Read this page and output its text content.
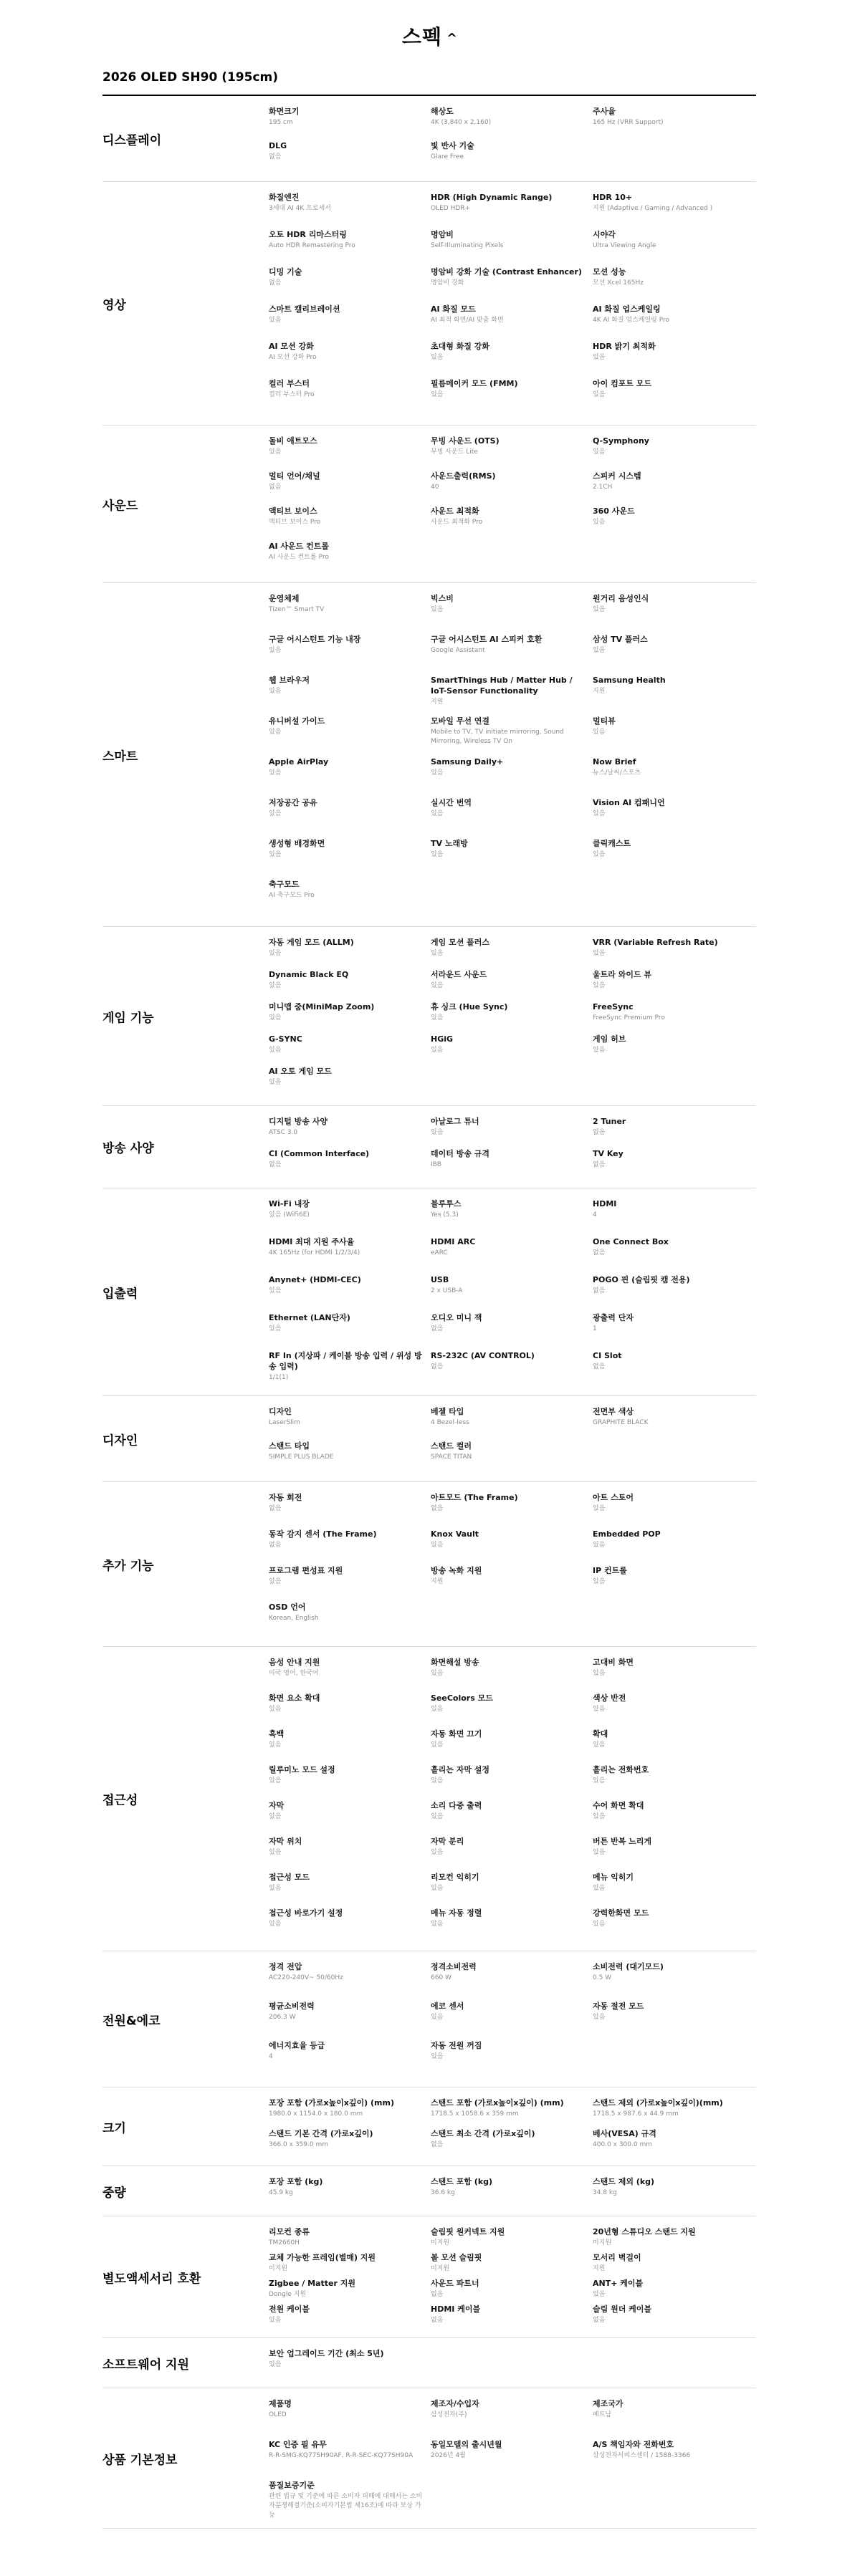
스펙 ^
2026 OLED SH90 (195cm)
디스플레이
화면크기
195 cm
해상도
4K (3,840 x 2,160)
주사율
165 Hz (VRR Support)
DLG
없음
빛 반사 기술
Glare Free
영상
화질엔진
3세대 AI 4K 프로세서
HDR (High Dynamic Range)
OLED HDR+
HDR 10+
지원 (Adaptive / Gaming / Advanced )
오토 HDR 리마스터링
Auto HDR Remastering Pro
명암비
Self-Illuminating Pixels
시야각
Ultra Viewing Angle
디밍 기술
없음
명암비 강화 기술 (Contrast Enhancer)
명암비 강화
모션 성능
모션 Xcel 165Hz
스마트 캘리브레이션
있음
AI 화질 모드
AI 최적 화면/AI 맞춤 화면
AI 화질 업스케일링
4K AI 화질 업스케일링 Pro
AI 모션 강화
AI 모션 강화 Pro
초대형 화질 강화
있음
HDR 밝기 최적화
있음
컬러 부스터
컬러 부스터 Pro
필름메이커 모드 (FMM)
있음
아이 컴포트 모드
있음
사운드
돌비 애트모스
있음
무빙 사운드 (OTS)
무빙 사운드 Lite
Q-Symphony
있음
멀티 언어/채널
없음
사운드출력(RMS)
40
스피커 시스템
2.1CH
액티브 보이스
액티브 보이스 Pro
사운드 최적화
사운드 최적화 Pro
360 사운드
있음
AI 사운드 컨트롤
AI 사운드 컨트롤 Pro
스마트
운영체제
Tizen™ Smart TV
빅스비
있음
원거리 음성인식
있음
구글 어시스턴트 기능 내장
있음
구글 어시스턴트 AI 스피커 호환
Google Assistant
삼성 TV 플러스
있음
웹 브라우저
있음
SmartThings Hub / Matter Hub / IoT-Sensor Functionality
지원
Samsung Health
지원
유니버설 가이드
있음
모바일 무선 연결
Mobile to TV, TV initiate mirroring, Sound Mirroring, Wireless TV On
멀티뷰
있음
Apple AirPlay
있음
Samsung Daily+
있음
Now Brief
뉴스/날씨/스포츠
저장공간 공유
있음
실시간 번역
있음
Vision AI 컴패니언
있음
생성형 배경화면
있음
TV 노래방
있음
클릭캐스트
있음
축구모드
AI 축구모드 Pro
게임 기능
자동 게임 모드 (ALLM)
있음
게임 모션 플러스
있음
VRR (Variable Refresh Rate)
있음
Dynamic Black EQ
있음
서라운드 사운드
있음
울트라 와이드 뷰
있음
미니맵 줌(MiniMap Zoom)
있음
휴 싱크 (Hue Sync)
있음
FreeSync
FreeSync Premium Pro
G-SYNC
있음
HGiG
있음
게임 허브
있음
AI 오토 게임 모드
있음
방송 사양
디지털 방송 사양
ATSC 3.0
아날로그 튜너
있음
2 Tuner
없음
CI (Common Interface)
없음
데이터 방송 규격
IBB
TV Key
없음
입출력
Wi-Fi 내장
있음 (WiFi6E)
블루투스
Yes (5.3)
HDMI
4
HDMI 최대 지원 주사율
4K 165Hz (for HDMI 1/2/3/4)
HDMI ARC
eARC
One Connect Box
없음
Anynet+ (HDMI-CEC)
있음
USB
2 x USB-A
POGO 핀 (슬림핏 캠 전용)
없음
Ethernet (LAN단자)
있음
오디오 미니 잭
없음
광출력 단자
1
RF In (지상파 / 케이블 방송 입력 / 위성 방송 입력)
1/1(1)
RS-232C (AV CONTROL)
없음
CI Slot
없음
디자인
디자인
LaserSlim
베젤 타입
4 Bezel-less
전면부 색상
GRAPHITE BLACK
스탠드 타입
SIMPLE PLUS BLADE
스탠드 컬러
SPACE TITAN
추가 기능
자동 회전
없음
아트모드 (The Frame)
없음
아트 스토어
있음
동작 감지 센서 (The Frame)
없음
Knox Vault
있음
Embedded POP
있음
프로그램 편성표 지원
있음
방송 녹화 지원
지원
IP 컨트롤
있음
OSD 언어
Korean, English
접근성
음성 안내 지원
미국 영어, 한국어
화면해설 방송
있음
고대비 화면
있음
화면 요소 확대
있음
SeeColors 모드
있음
색상 반전
있음
흑백
있음
자동 화면 끄기
있음
확대
있음
릴루미노 모드 설정
있음
흘리는 자막 설정
있음
흘리는 전화번호
있음
자막
있음
소리 다중 출력
있음
수어 화면 확대
있음
자막 위치
있음
자막 분리
있음
버튼 반복 느리게
있음
접근성 모드
있음
리모컨 익히기
있음
메뉴 익히기
있음
접근성 바로가기 설정
있음
메뉴 자동 정렬
있음
강력한화면 모드
있음
전원&에코
정격 전압
AC220-240V~ 50/60Hz
정격소비전력
660 W
소비전력 (대기모드)
0.5 W
평균소비전력
206.3 W
에코 센서
있음
자동 절전 모드
있음
에너지효율 등급
4
자동 전원 꺼짐
있음
크기
포장 포함 (가로x높이x깊이) (mm)
1980.0 x 1154.0 x 180.0 mm
스탠드 포함 (가로x높이x깊이) (mm)
1718.5 x 1058.6 x 359 mm
스탠드 제외 (가로x높이x깊이)(mm)
1718.5 x 987.6 x 44.9 mm
스탠드 기본 간격 (가로x깊이)
366.0 x 359.0 mm
스탠드 최소 간격 (가로x깊이)
없음
베사(VESA) 규격
400.0 x 300.0 mm
중량
포장 포함 (kg)
45.9 kg
스탠드 포함 (kg)
36.6 kg
스탠드 제외 (kg)
34.8 kg
별도액세서리 호환
리모컨 종류
TM2660H
슬림핏 원커넥트 지원
미지원
20년형 스튜디오 스탠드 지원
미지원
교체 가능한 프레임(별매) 지원
미지원
볼 모션 슬림핏
미지원
모서리 벽걸이
지원
Zigbee / Matter 지원
Dongle 지원
사운드 파트너
없음
ANT+ 케이블
있음
전원 케이블
있음
HDMI 케이블
없음
슬림 원더 케이블
없음
소프트웨어 지원
보안 업그레이드 기간 (최소 5년)
있음
상품 기본정보
제품명
OLED
제조자/수입자
삼성전자(주)
제조국가
베트남
KC 인증 필 유무
R-R-SMG-KQ77SH90AF, R-R-SEC-KQ77SH90A
동일모델의 출시년월
2026년 4월
A/S 책임자와 전화번호
삼성전자서비스센터 / 1588-3366
품질보증기준
관련 법규 및 기준에 따른 소비자 피해에 대해서는 소비자분쟁해결기준(소비자기본법 제16조)에 따라 보상 가능
